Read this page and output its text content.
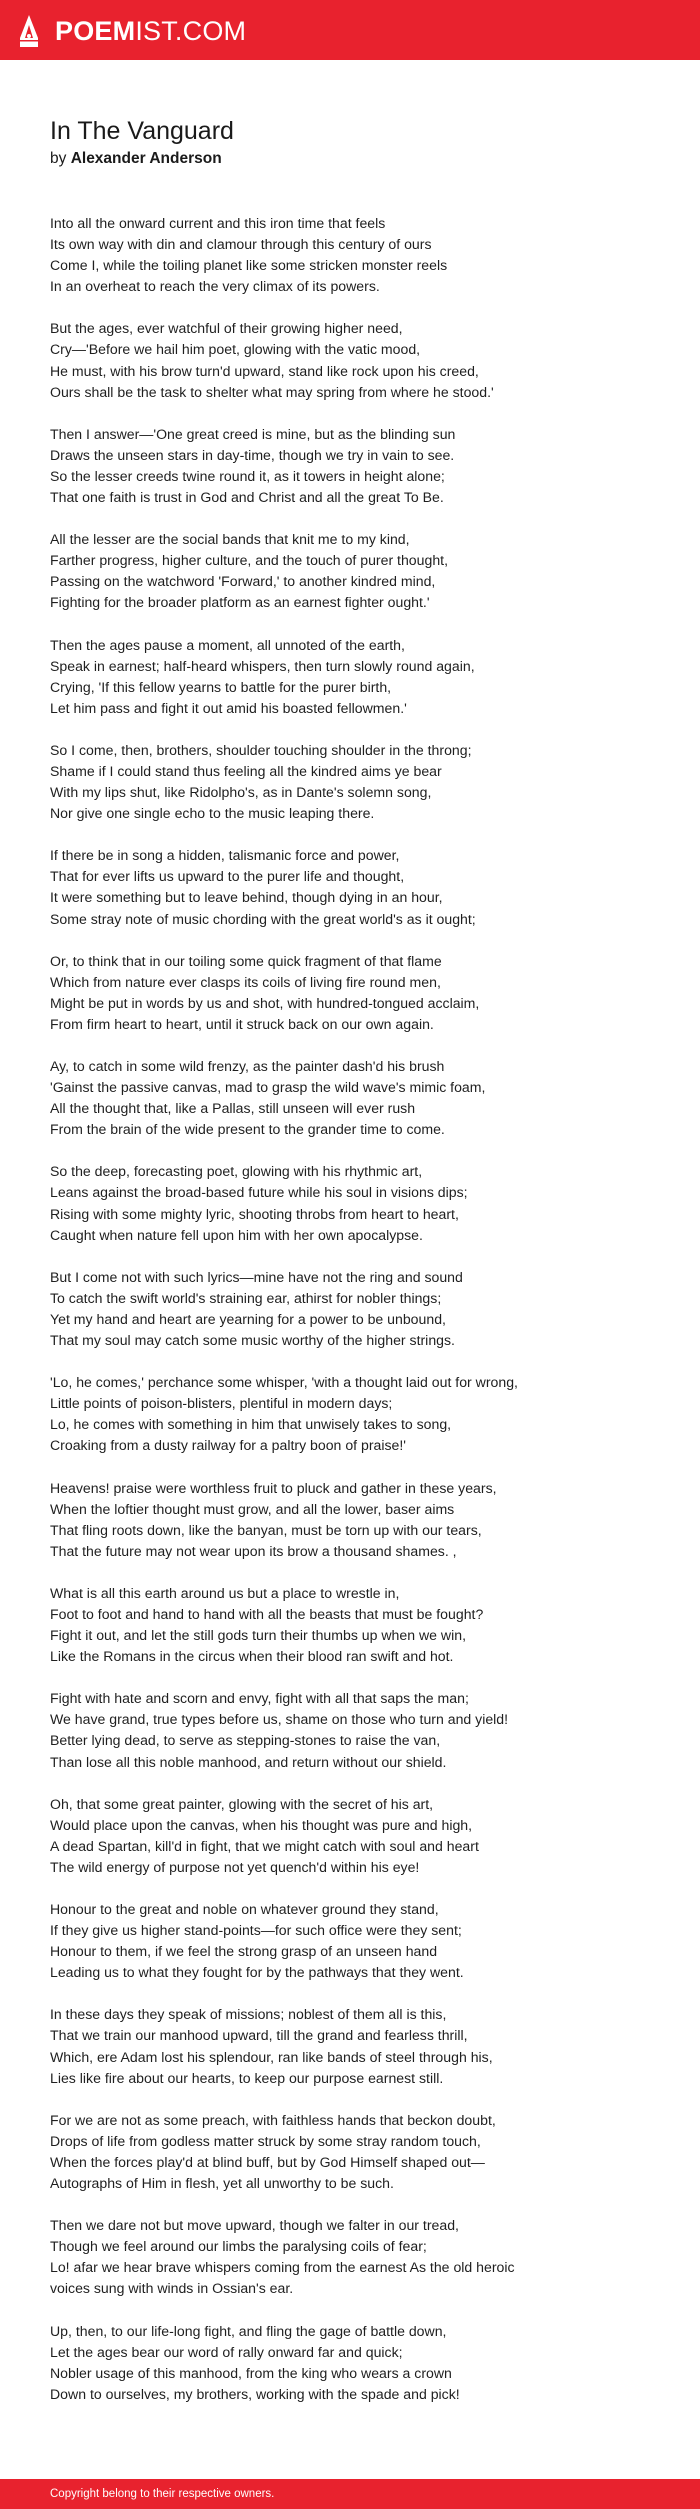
POEMIST.COM
In The Vanguard
by Alexander Anderson

Into all the onward current and this iron time that feels
Its own way with din and clamour through this century of ours
Come I, while the toiling planet like some stricken monster reels
In an overheat to reach the very climax of its powers.

But the ages, ever watchful of their growing higher need,
Cry—'Before we hail him poet, glowing with the vatic mood,
He must, with his brow turn'd upward, stand like rock upon his creed,
Ours shall be the task to shelter what may spring from where he stood.'

Then I answer—'One great creed is mine, but as the blinding sun
Draws the unseen stars in day-time, though we try in vain to see.
So the lesser creeds twine round it, as it towers in height alone;
That one faith is trust in God and Christ and all the great To Be.

All the lesser are the social bands that knit me to my kind,
Farther progress, higher culture, and the touch of purer thought,
Passing on the watchword 'Forward,' to another kindred mind,
Fighting for the broader platform as an earnest fighter ought.'

Then the ages pause a moment, all unnoted of the earth,
Speak in earnest; half-heard whispers, then turn slowly round again,
Crying, 'If this fellow yearns to battle for the purer birth,
Let him pass and fight it out amid his boasted fellowmen.'

So I come, then, brothers, shoulder touching shoulder in the throng;
Shame if I could stand thus feeling all the kindred aims ye bear
With my lips shut, like Ridolpho's, as in Dante's solemn song,
Nor give one single echo to the music leaping there.

If there be in song a hidden, talismanic force and power,
That for ever lifts us upward to the purer life and thought,
It were something but to leave behind, though dying in an hour,
Some stray note of music chording with the great world's as it ought;

Or, to think that in our toiling some quick fragment of that flame
Which from nature ever clasps its coils of living fire round men,
Might be put in words by us and shot, with hundred-tongued acclaim,
From firm heart to heart, until it struck back on our own again.

Ay, to catch in some wild frenzy, as the painter dash'd his brush
'Gainst the passive canvas, mad to grasp the wild wave's mimic foam,
All the thought that, like a Pallas, still unseen will ever rush
From the brain of the wide present to the grander time to come.

So the deep, forecasting poet, glowing with his rhythmic art,
Leans against the broad-based future while his soul in visions dips;
Rising with some mighty lyric, shooting throbs from heart to heart,
Caught when nature fell upon him with her own apocalypse.

But I come not with such lyrics—mine have not the ring and sound
To catch the swift world's straining ear, athirst for nobler things;
Yet my hand and heart are yearning for a power to be unbound,
That my soul may catch some music worthy of the higher strings.

'Lo, he comes,' perchance some whisper, 'with a thought laid out for wrong,
Little points of poison-blisters, plentiful in modern days;
Lo, he comes with something in him that unwisely takes to song,
Croaking from a dusty railway for a paltry boon of praise!'

Heavens! praise were worthless fruit to pluck and gather in these years,
When the loftier thought must grow, and all the lower, baser aims
That fling roots down, like the banyan, must be torn up with our tears,
That the future may not wear upon its brow a thousand shames. ,

What is all this earth around us but a place to wrestle in,
Foot to foot and hand to hand with all the beasts that must be fought?
Fight it out, and let the still gods turn their thumbs up when we win,
Like the Romans in the circus when their blood ran swift and hot.

Fight with hate and scorn and envy, fight with all that saps the man;
We have grand, true types before us, shame on those who turn and yield!
Better lying dead, to serve as stepping-stones to raise the van,
Than lose all this noble manhood, and return without our shield.

Oh, that some great painter, glowing with the secret of his art,
Would place upon the canvas, when his thought was pure and high,
A dead Spartan, kill'd in fight, that we might catch with soul and heart
The wild energy of purpose not yet quench'd within his eye!

Honour to the great and noble on whatever ground they stand,
If they give us higher stand-points—for such office were they sent;
Honour to them, if we feel the strong grasp of an unseen hand
Leading us to what they fought for by the pathways that they went.

In these days they speak of missions; noblest of them all is this,
That we train our manhood upward, till the grand and fearless thrill,
Which, ere Adam lost his splendour, ran like bands of steel through his,
Lies like fire about our hearts, to keep our purpose earnest still.

For we are not as some preach, with faithless hands that beckon doubt,
Drops of life from godless matter struck by some stray random touch,
When the forces play'd at blind buff, but by God Himself shaped out—
Autographs of Him in flesh, yet all unworthy to be such.

Then we dare not but move upward, though we falter in our tread,
Though we feel around our limbs the paralysing coils of fear;
Lo! afar we hear brave whispers coming from the earnest As the old heroic
voices sung with winds in Ossian's ear.

Up, then, to our life-long fight, and fling the gage of battle down,
Let the ages bear our word of rally onward far and quick;
Nobler usage of this manhood, from the king who wears a crown
Down to ourselves, my brothers, working with the spade and pick!

Copyright belong to their respective owners.
